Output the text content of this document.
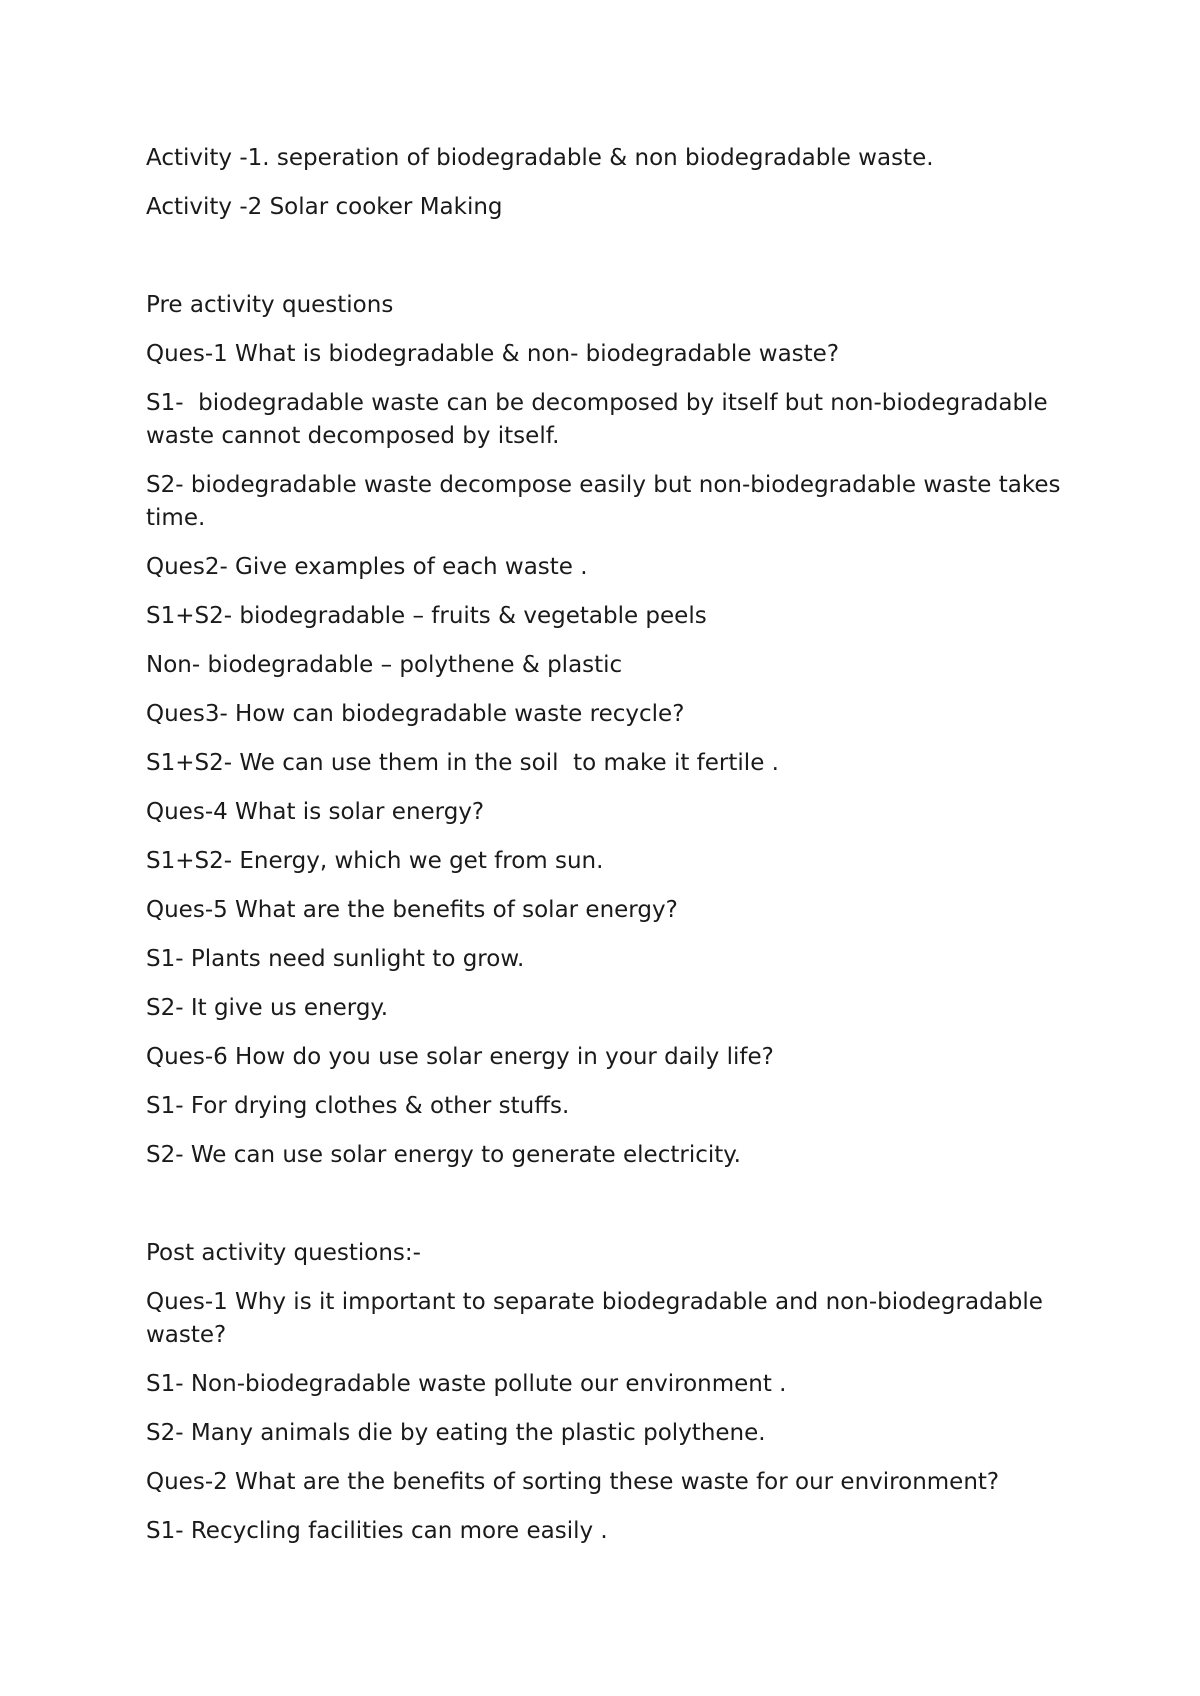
Activity -1. seperation of biodegradable & non biodegradable waste.

Activity -2 Solar cooker Making

Pre activity questions

Ques-1 What is biodegradable & non- biodegradable waste?

S1-  biodegradable waste can be decomposed by itself but non-biodegradable waste cannot decomposed by itself.

S2- biodegradable waste decompose easily but non-biodegradable waste takes time.

Ques2- Give examples of each waste .

S1+S2- biodegradable – fruits & vegetable peels

Non- biodegradable – polythene & plastic

Ques3- How can biodegradable waste recycle?

S1+S2- We can use them in the soil  to make it fertile .

Ques-4 What is solar energy?

S1+S2- Energy, which we get from sun.

Ques-5 What are the benefits of solar energy?

S1- Plants need sunlight to grow.

S2- It give us energy.

Ques-6 How do you use solar energy in your daily life?

S1- For drying clothes & other stuffs.

S2- We can use solar energy to generate electricity.

Post activity questions:-

Ques-1 Why is it important to separate biodegradable and non-biodegradable waste?

S1- Non-biodegradable waste pollute our environment .

S2- Many animals die by eating the plastic polythene.

Ques-2 What are the benefits of sorting these waste for our environment?

S1- Recycling facilities can more easily .
